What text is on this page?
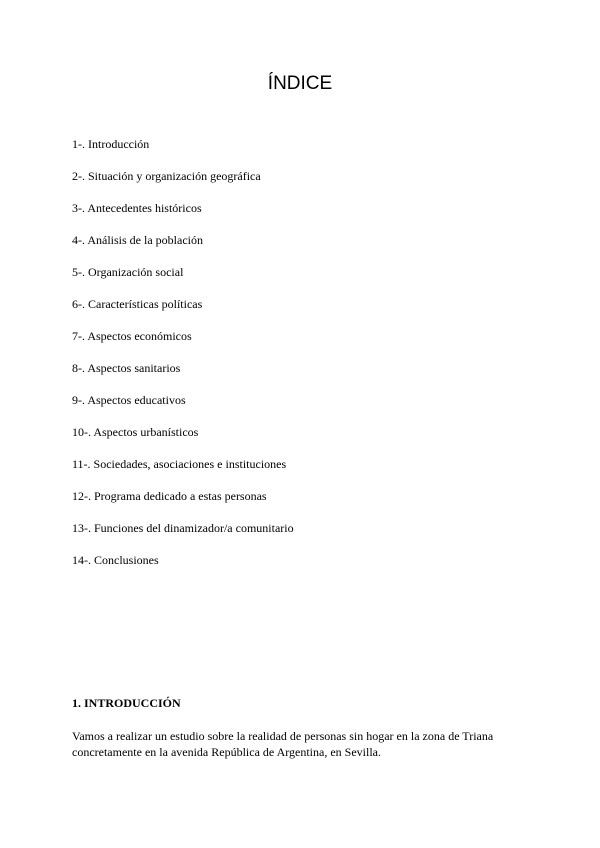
ÍNDICE
1-. Introducción
2-. Situación y organización geográfica
3-. Antecedentes históricos
4-. Análisis de la población
5-. Organización social
6-. Características políticas
7-. Aspectos económicos
8-. Aspectos sanitarios
9-. Aspectos educativos
10-. Aspectos urbanísticos
11-. Sociedades, asociaciones e instituciones
12-. Programa dedicado a estas personas
13-. Funciones del dinamizador/a comunitario
14-. Conclusiones
1. INTRODUCCIÓN

Vamos a realizar un estudio sobre la realidad de personas sin hogar en la zona de Triana
concretamente en la avenida República de Argentina, en Sevilla.
